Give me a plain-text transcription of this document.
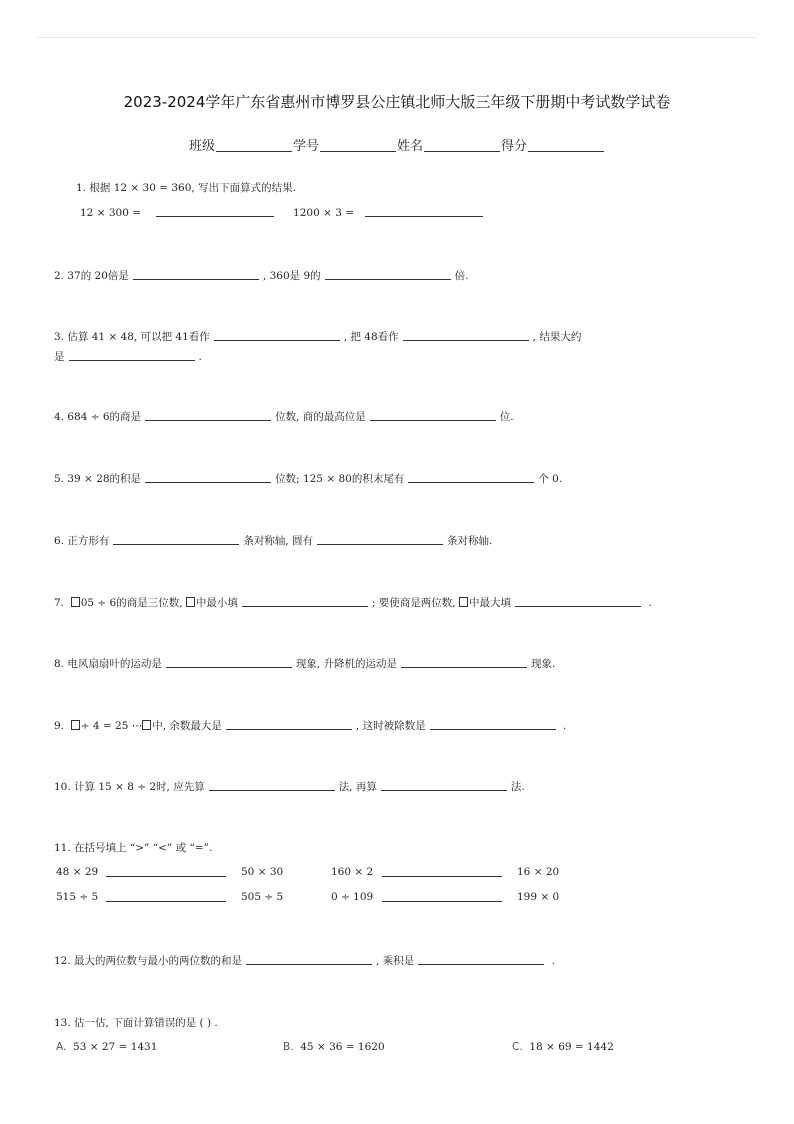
2023-2024学年广东省惠州市博罗县公庄镇北师大版三年级下册期中考试数学试卷
班级	学号	姓名	得分
1. 根据 12 × 30 = 360, 写出下面算式的结果.
12 × 300 =	1200 × 3 =
2. 37的 20倍是	, 360是 9的	倍.
3. 估算 41 × 48, 可以把 41看作	, 把 48看作	, 结果大约
是	.
4. 684 ÷ 6的商是	位数, 商的最高位是	位.
5. 39 × 28的积是	位数; 125 × 80的积末尾有	个 0.
6. 正方形有	条对称轴, 圆有	条对称轴.
7. 05 ÷ 6的商是三位数, 中最小填	; 要使商是两位数, 中最大填	.
8. 电风扇扇叶的运动是	现象, 升降机的运动是	现象.
9. ÷ 4 = 25 ⋯ 中, 余数最大是	, 这时被除数是	.
10. 计算 15 × 8 ÷ 2时, 应先算	法, 再算	法.
11. 在括号填上 “>” “<” 或 “=”.
48 × 29	50 × 30	160 × 2	16 × 20
515 ÷ 5	505 ÷ 5	0 ÷ 109	199 × 0
12. 最大的两位数与最小的两位数的和是	, 乘积是	.
13. 估一估, 下面计算错误的是 ( ) .
A. 53 × 27 = 1431	B. 45 × 36 = 1620	C. 18 × 69 = 1442
